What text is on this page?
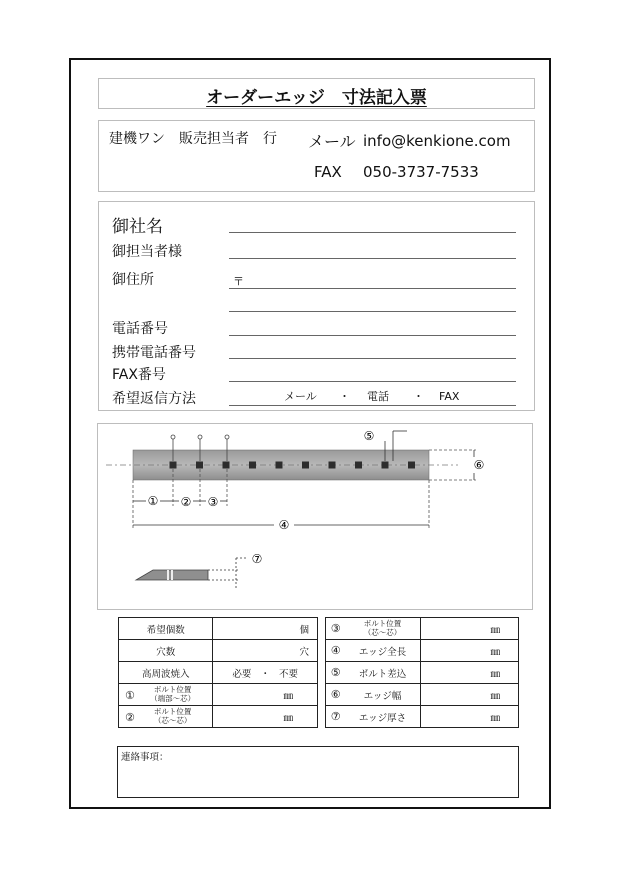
オーダーエッジ　寸法記入票
建機ワン　販売担当者　行 メール info@kenkione.com
FAX 050-3737-7533
御社名
御担当者様
御住所	〒
電話番号
携帯電話番号
FAX番号
希望返信方法	メール ・ 電話 ・ FAX
① ② ③
④
⑤
⑥
⑦
希望個数	個
穴数	穴
高周波焼入	必要 ・ 不要

① ボルト位置
（端部～芯）	㎜

② ボルト位置
（芯～芯）	㎜
③	ボルト位置
（芯～芯）	㎜
④	エッジ全長	㎜
⑤	ボルト差込	㎜
⑥	エッジ幅	㎜
⑦	エッジ厚さ	㎜
連絡事項：
